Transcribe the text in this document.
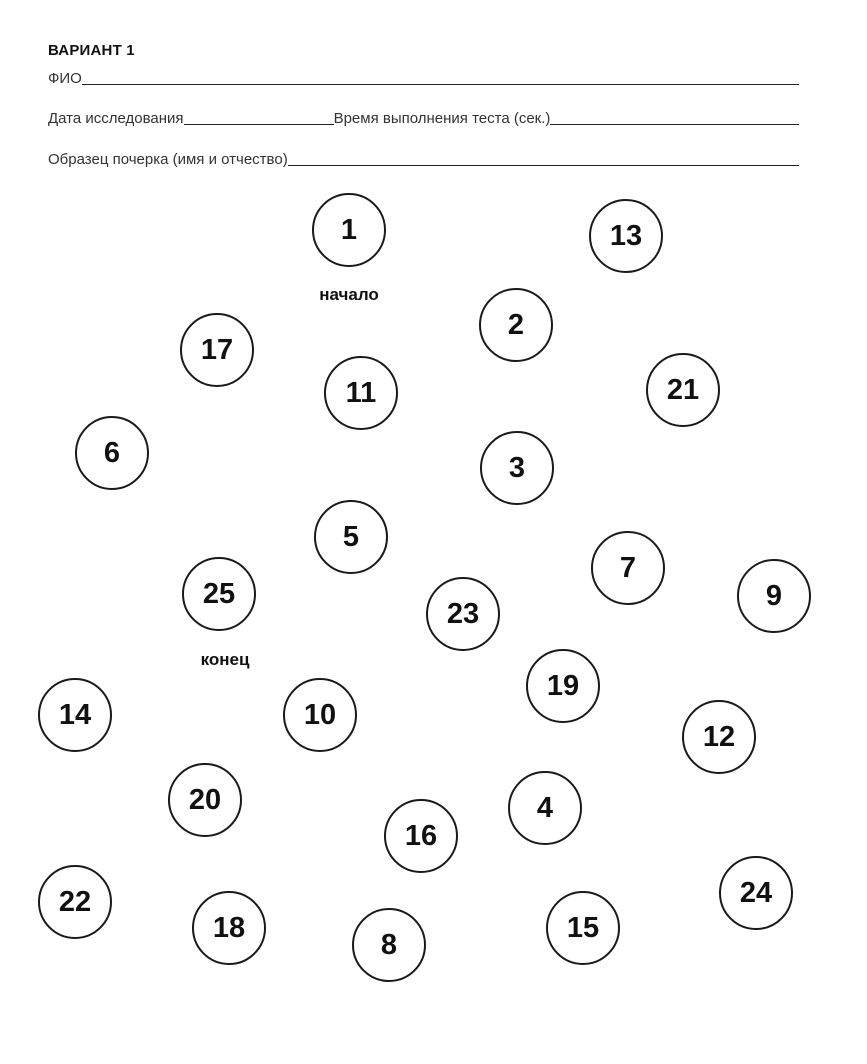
ВАРИАНТ 1
ФИО
Дата исследования	Время выполнения теста (сек.)
Образец почерка (имя и отчество)
1
2
3
4
5
6
7
8
9
10
11
12
13
14
15
16
17
18
19
20
21
22
23
24
25
начало
конец
